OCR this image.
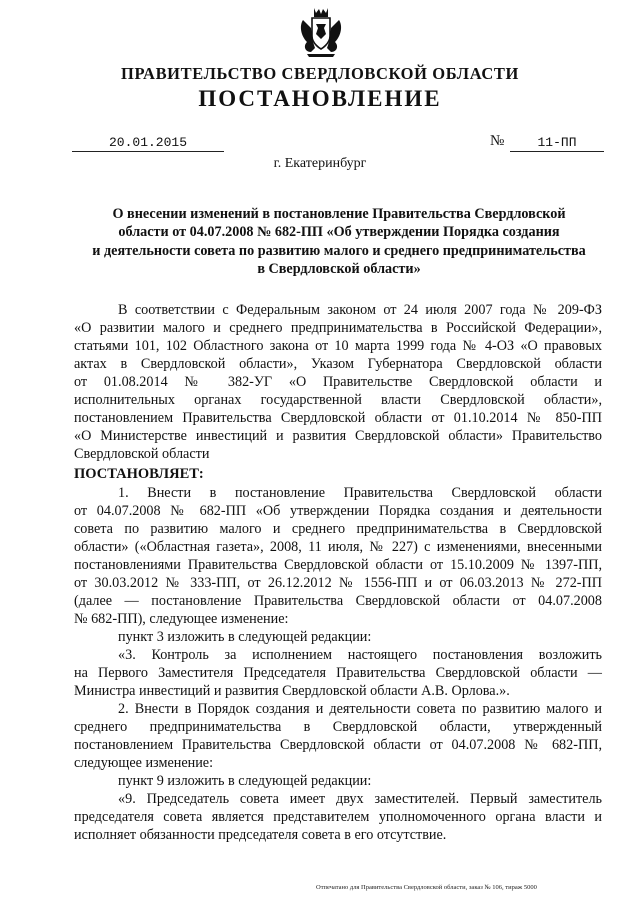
ПРАВИТЕЛЬСТВО СВЕРДЛОВСКОЙ ОБЛАСТИ
ПОСТАНОВЛЕНИЕ
20.01.2015	№	11-ПП
г. Екатеринбург
О внесении изменений в постановление Правительства Свердловской
области от 04.07.2008 № 682-ПП «Об утверждении Порядка создания
и деятельности совета по развитию малого и среднего предпринимательства
в Свердловской области»
В соответствии с Федеральным законом от 24 июля 2007 года № 209-ФЗ
«О развитии малого и среднего предпринимательства в Российской Федерации»,
статьями 101, 102 Областного закона от 10 марта 1999 года № 4-ОЗ «О правовых
актах в Свердловской области», Указом Губернатора Свердловской области
от 01.08.2014 № 382-УГ «О Правительстве Свердловской области и
исполнительных органах государственной власти Свердловской области»,
постановлением Правительства Свердловской области от 01.10.2014 № 850-ПП
«О Министерстве инвестиций и развития Свердловской области» Правительство
Свердловской области
ПОСТАНОВЛЯЕТ:
1. Внести в постановление Правительства Свердловской области
от 04.07.2008 № 682-ПП «Об утверждении Порядка создания и деятельности
совета по развитию малого и среднего предпринимательства в Свердловской
области» («Областная газета», 2008, 11 июля, № 227) с изменениями, внесенными
постановлениями Правительства Свердловской области от 15.10.2009 № 1397-ПП,
от 30.03.2012 № 333-ПП, от 26.12.2012 № 1556-ПП и от 06.03.2013 № 272-ПП
(далее — постановление Правительства Свердловской области от 04.07.2008
№ 682-ПП), следующее изменение:
пункт 3 изложить в следующей редакции:
«3. Контроль за исполнением настоящего постановления возложить
на Первого Заместителя Председателя Правительства Свердловской области —
Министра инвестиций и развития Свердловской области А.В. Орлова.».
2. Внести в Порядок создания и деятельности совета по развитию малого и
среднего предпринимательства в Свердловской области, утвержденный
постановлением Правительства Свердловской области от 04.07.2008 № 682-ПП,
следующее изменение:
пункт 9 изложить в следующей редакции:
«9. Председатель совета имеет двух заместителей. Первый заместитель
председателя совета является представителем уполномоченного органа власти и
исполняет обязанности председателя совета в его отсутствие.
Отпечатано для Правительства Свердловской области, заказ № 106, тираж 5000
